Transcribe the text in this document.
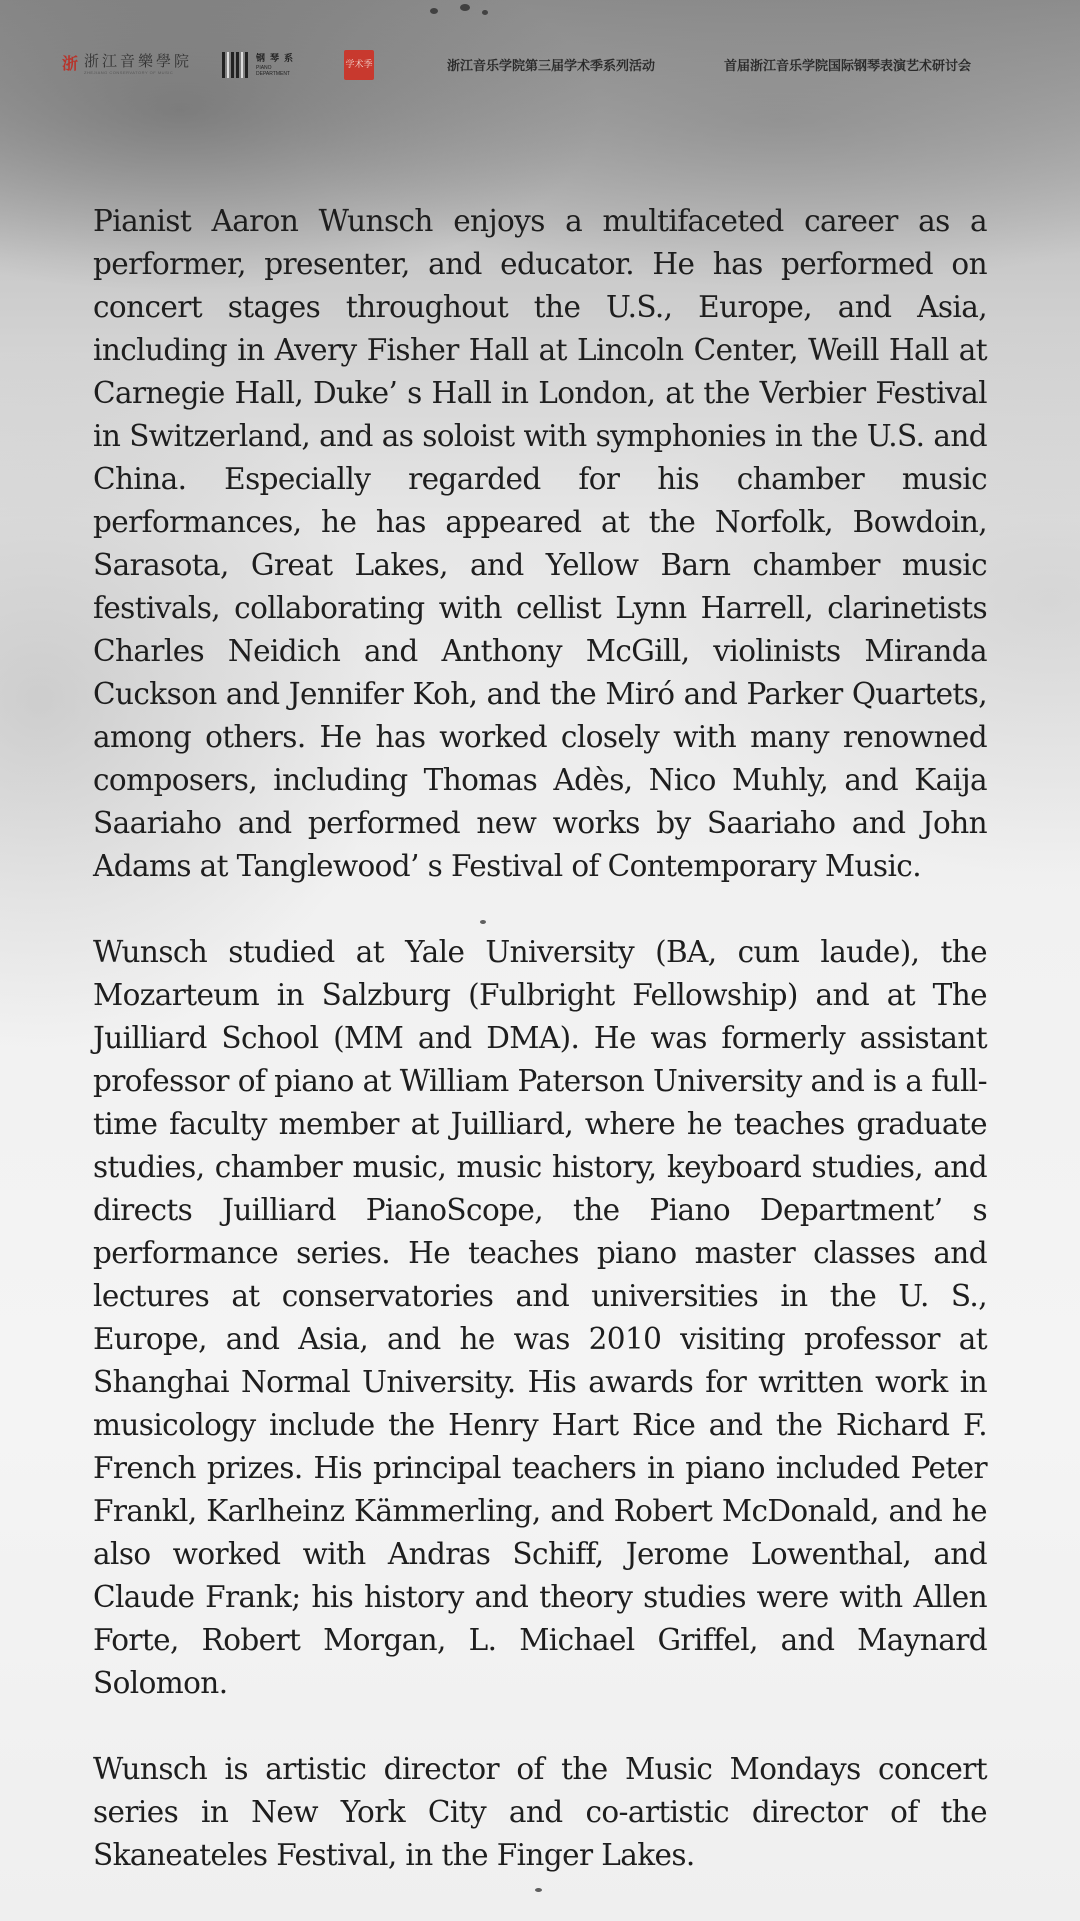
浙 浙江音樂學院
ZHEJIANG CONSERVATORY OF MUSIC
钢琴系
PIANO
DEPARTMENT
学术季	浙江音乐学院第三届学术季系列活动	首届浙江音乐学院国际钢琴表演艺术研讨会

Pianist Aaron Wunsch enjoys a multifaceted career as a performer, presenter, and educator. He has performed on concert stages throughout the U.S., Europe, and Asia, including in Avery Fisher Hall at Lincoln Center, Weill Hall at Carnegie Hall, Duke’ s Hall in London, at the Verbier Festival in Switzerland, and as soloist with symphonies in the U.S. and China. Especially regarded for his chamber music performances, he has appeared at the Norfolk, Bowdoin, Sarasota, Great Lakes, and Yellow Barn chamber music festivals, collaborating with cellist Lynn Harrell, clarinetists Charles Neidich and Anthony McGill, violinists Miranda Cuckson and Jennifer Koh, and the Miró and Parker Quartets, among others. He has worked closely with many renowned composers, including Thomas Adès, Nico Muhly, and Kaija Saariaho and performed new works by Saariaho and John Adams at Tanglewood’ s Festival of Contemporary Music.

Wunsch studied at Yale University (BA, cum laude), the Mozarteum in Salzburg (Fulbright Fellowship) and at The Juilliard School (MM and DMA). He was formerly assistant professor of piano at William Paterson University and is a full-time faculty member at Juilliard, where he teaches graduate studies, chamber music, music history, keyboard studies, and directs Juilliard PianoScope, the Piano Department’ s performance series. He teaches piano master classes and lectures at conservatories and universities in the U. S., Europe, and Asia, and he was 2010 visiting professor at Shanghai Normal University. His awards for written work in musicology include the Henry Hart Rice and the Richard F. French prizes. His principal teachers in piano included Peter Frankl, Karlheinz Kämmerling, and Robert McDonald, and he also worked with Andras Schiff, Jerome Lowenthal, and Claude Frank; his history and theory studies were with Allen Forte, Robert Morgan, L. Michael Griffel, and Maynard Solomon.

Wunsch is artistic director of the Music Mondays concert series in New York City and co-artistic director of the Skaneateles Festival, in the Finger Lakes.
